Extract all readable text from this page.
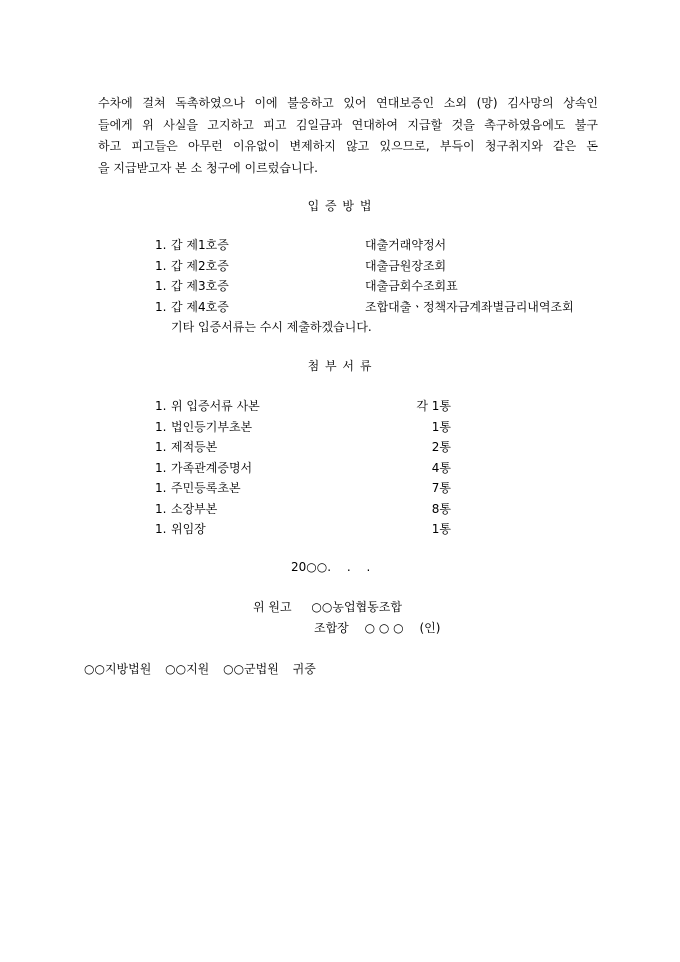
수차에 걸쳐 독촉하였으나 이에 불응하고 있어 연대보증인 소외 (망) 김사망의 상속인
들에게 위 사실을 고지하고 피고 김일금과 연대하여 지급할 것을 촉구하였음에도 불구
하고 피고들은 아무런 이유없이 변제하지 않고 있으므로, 부득이 청구취지와 같은 돈
을 지급받고자 본 소 청구에 이르렀습니다.
입 증 방 법
1. 갑 제1호증	대출거래약정서
1. 갑 제2호증	대출금원장조회
1. 갑 제3호증	대출금회수조회표
1. 갑 제4호증	조합대출ㆍ정책자금계좌별금리내역조회
기타 입증서류는 수시 제출하겠습니다.
첨 부 서 류
1. 위 입증서류 사본	각 1통
1. 법인등기부초본	1통
1. 제적등본	2통
1. 가족관계증명서	4통
1. 주민등록초본	7통
1. 소장부본	8통
1. 위임장	1통
20○○. . .
위 원고 ○○농업협동조합
조합장 ○ ○ ○ (인)
○○지방법원 ○○지원 ○○군법원 귀중
